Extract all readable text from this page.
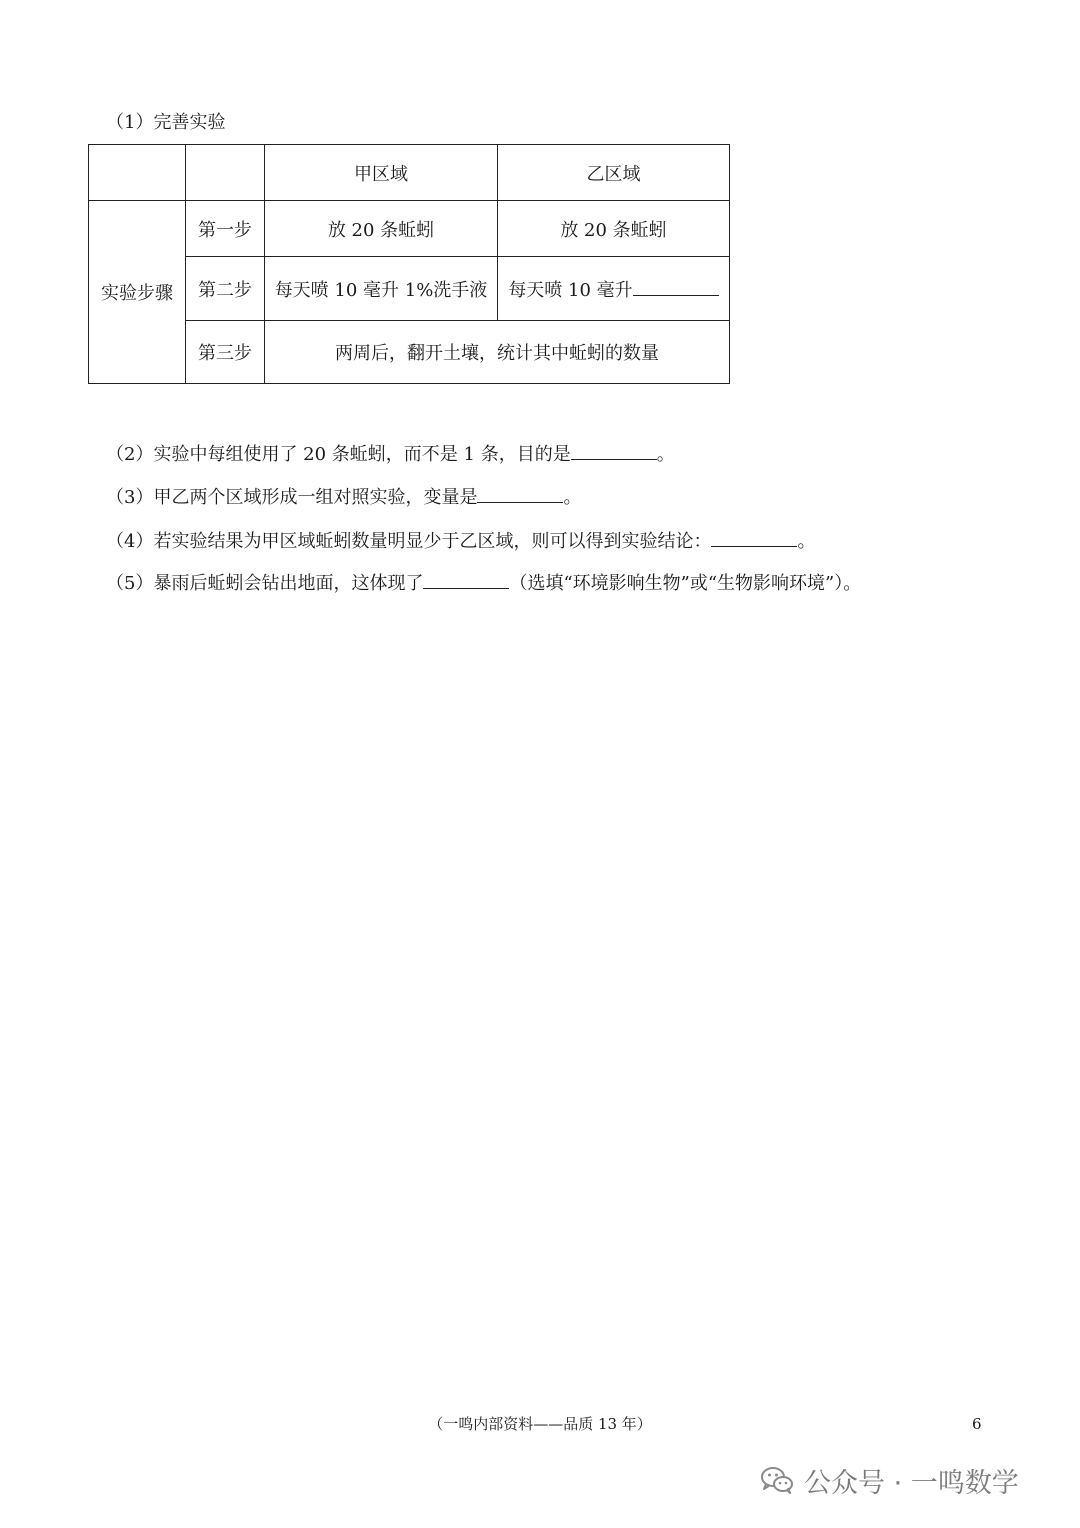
（1）完善实验
		甲区域	乙区域
实验步骤	第一步	放 20 条蚯蚓	放 20 条蚯蚓
	第二步	每天喷 10 毫升 1%洗手液	每天喷 10 毫升
	第三步	两周后，翻开土壤，统计其中蚯蚓的数量	
（2）实验中每组使用了 20 条蚯蚓，而不是 1 条，目的是	。
（3）甲乙两个区域形成一组对照实验，变量是	。
（4）若实验结果为甲区域蚯蚓数量明显少于乙区域，则可以得到实验结论：	。
（5）暴雨后蚯蚓会钻出地面，这体现了	（选填“环境影响生物”或“生物影响环境”）。
（一鸣内部资料——品质 13 年）	6
公众号 · 一鸣数学
